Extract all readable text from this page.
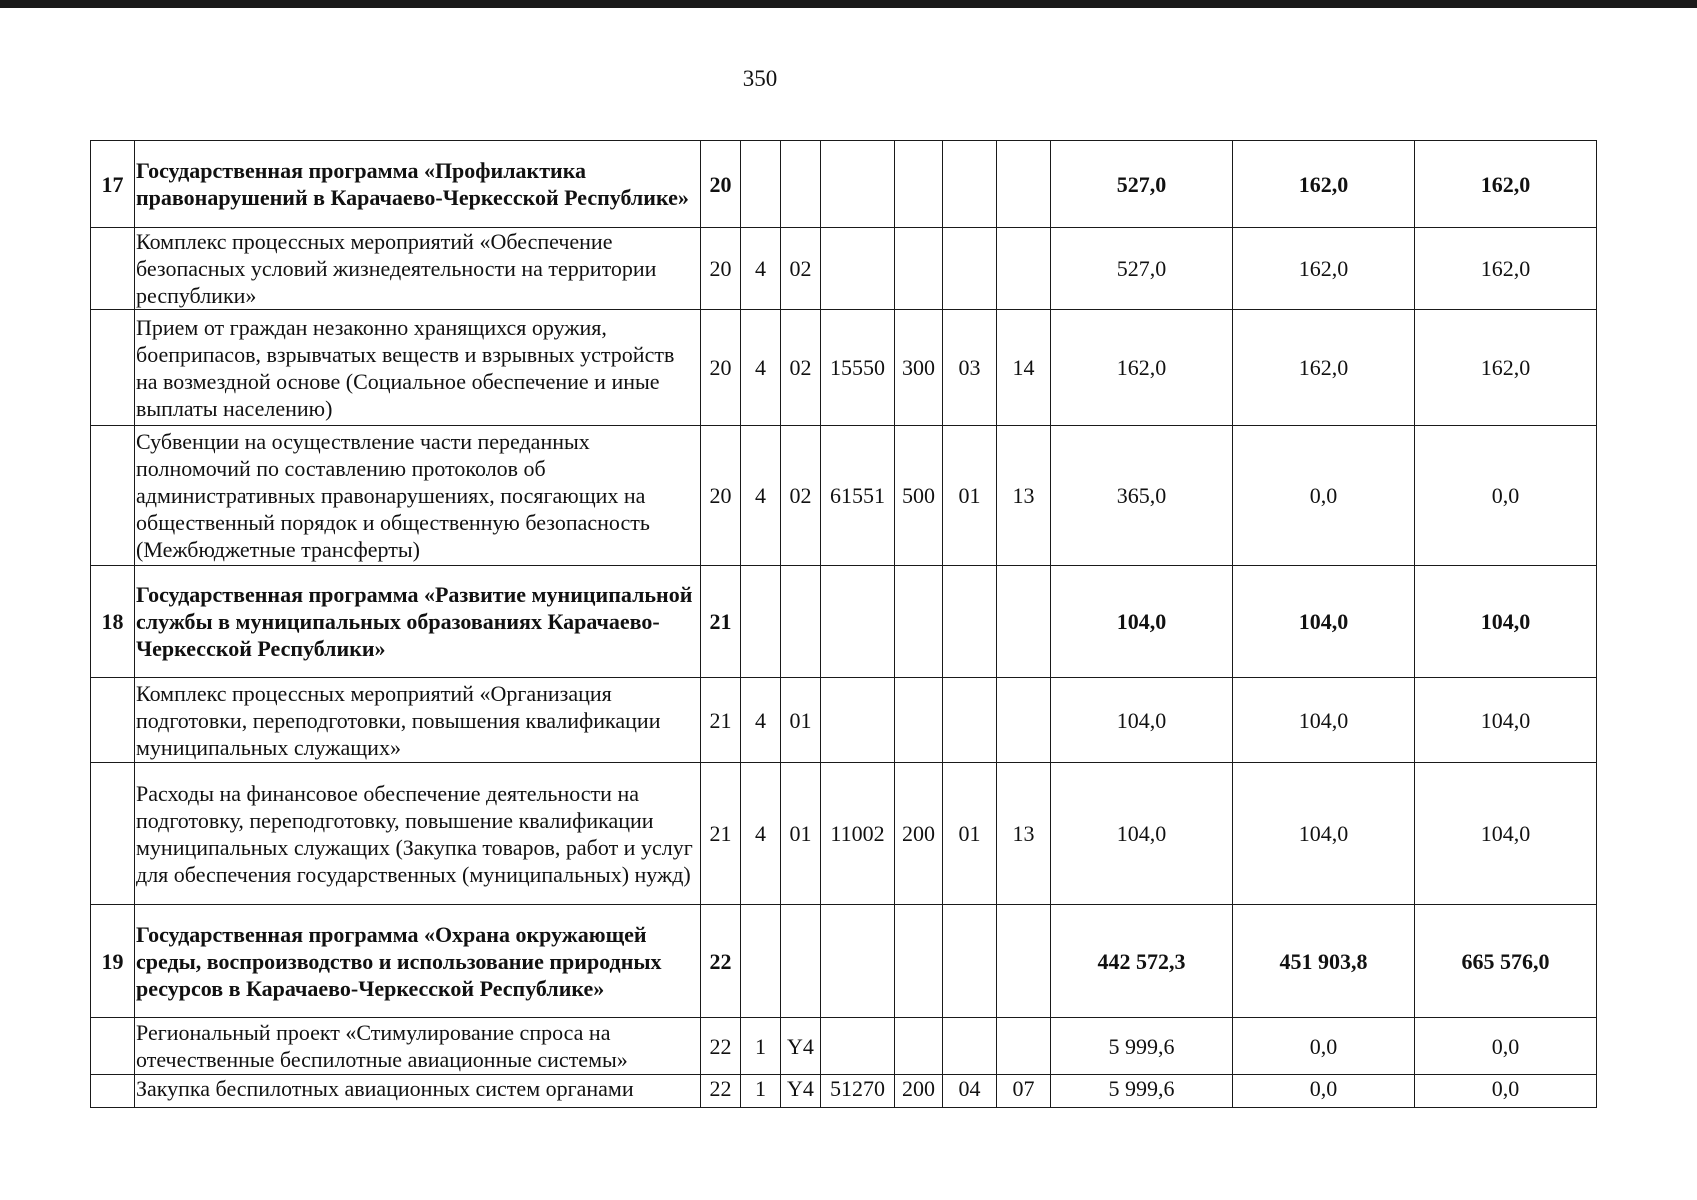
350
17	Государственная программа «Профилактика правонарушений в Карачаево-Черкесской Республике»	20							527,0	162,0	162,0
	Комплекс процессных мероприятий «Обеспечение безопасных условий жизнедеятельности на территории республики»	20	4	02					527,0	162,0	162,0
	Прием от граждан незаконно хранящихся оружия, боеприпасов, взрывчатых веществ и взрывных устройств на возмездной основе (Социальное обеспечение и иные выплаты населению)	20	4	02	15550	300	03	14	162,0	162,0	162,0
	Субвенции на осуществление части переданных полномочий по составлению протоколов об административных правонарушениях, посягающих на общественный порядок и общественную безопасность (Межбюджетные трансферты)	20	4	02	61551	500	01	13	365,0	0,0	0,0
18	Государственная программа «Развитие муниципальной службы в муниципальных образованиях Карачаево-Черкесской Республики»	21							104,0	104,0	104,0
	Комплекс процессных мероприятий «Организация подготовки, переподготовки, повышения квалификации муниципальных служащих»	21	4	01					104,0	104,0	104,0
	Расходы на финансовое обеспечение деятельности на подготовку, переподготовку, повышение квалификации муниципальных служащих (Закупка товаров, работ и услуг для обеспечения государственных (муниципальных) нужд)	21	4	01	11002	200	01	13	104,0	104,0	104,0
19	Государственная программа «Охрана окружающей среды, воспроизводство и использование природных ресурсов в Карачаево-Черкесской Республике»	22							442 572,3	451 903,8	665 576,0
	Региональный проект «Стимулирование спроса на отечественные беспилотные авиационные системы»	22	1	Y4					5 999,6	0,0	0,0
	Закупка беспилотных авиационных систем органами	22	1	Y4	51270	200	04	07	5 999,6	0,0	0,0
